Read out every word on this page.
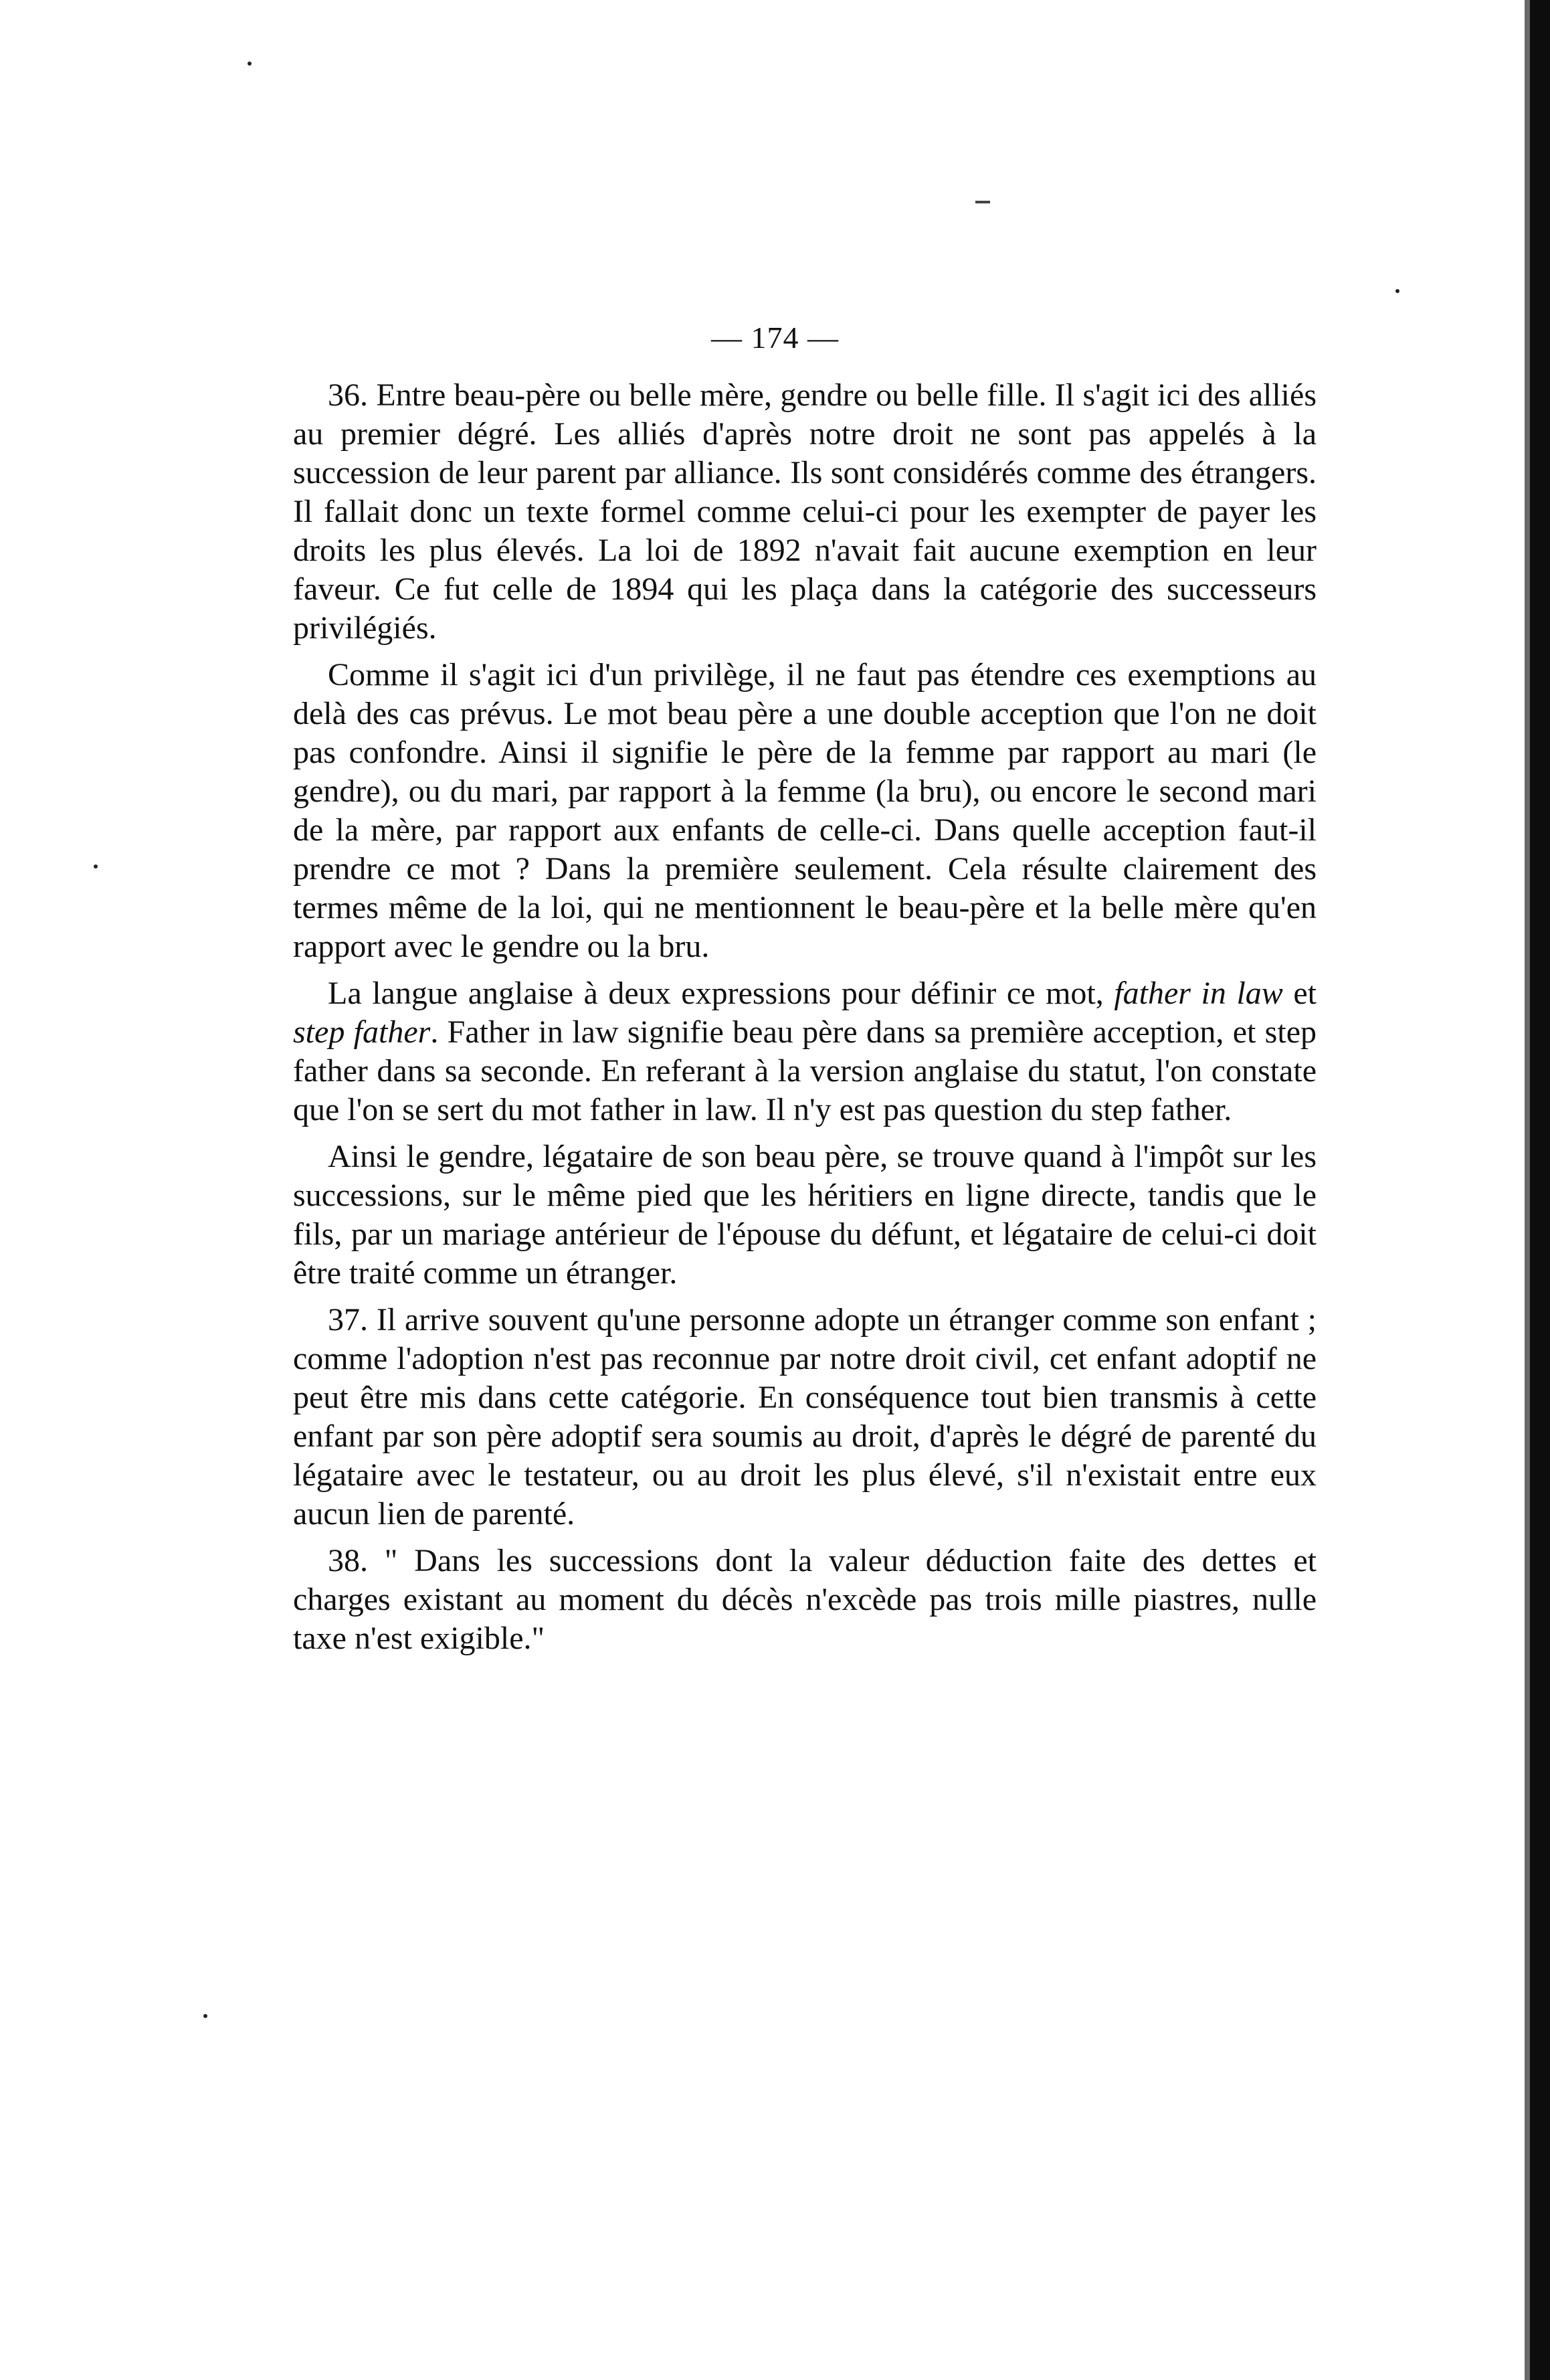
— 174 —

36. Entre beau-père ou belle mère, gendre ou belle fille. Il s'agit ici des alliés au premier dégré. Les alliés d'après notre droit ne sont pas appelés à la succession de leur parent par alliance. Ils sont considérés comme des étrangers. Il fallait donc un texte formel comme celui-ci pour les exempter de payer les droits les plus élevés. La loi de 1892 n'avait fait aucune exemption en leur faveur. Ce fut celle de 1894 qui les plaça dans la catégorie des successeurs privilégiés.

Comme il s'agit ici d'un privilège, il ne faut pas étendre ces exemptions au delà des cas prévus. Le mot beau père a une double acception que l'on ne doit pas confondre. Ainsi il signifie le père de la femme par rapport au mari (le gendre), ou du mari, par rapport à la femme (la bru), ou encore le second mari de la mère, par rapport aux enfants de celle-ci. Dans quelle acception faut-il prendre ce mot ? Dans la première seulement. Cela résulte clairement des termes même de la loi, qui ne mentionnent le beau-père et la belle mère qu'en rapport avec le gendre ou la bru.

La langue anglaise à deux expressions pour définir ce mot, father in law et step father. Father in law signifie beau père dans sa première acception, et step father dans sa seconde. En referant à la version anglaise du statut, l'on constate que l'on se sert du mot father in law. Il n'y est pas question du step father.

Ainsi le gendre, légataire de son beau père, se trouve quand à l'impôt sur les successions, sur le même pied que les héritiers en ligne directe, tandis que le fils, par un mariage antérieur de l'épouse du défunt, et légataire de celui-ci doit être traité comme un étranger.

37. Il arrive souvent qu'une personne adopte un étranger comme son enfant ; comme l'adoption n'est pas reconnue par notre droit civil, cet enfant adoptif ne peut être mis dans cette catégorie. En conséquence tout bien transmis à cette enfant par son père adoptif sera soumis au droit, d'après le dégré de parenté du légataire avec le testateur, ou au droit les plus élevé, s'il n'existait entre eux aucun lien de parenté.

38. " Dans les successions dont la valeur déduction faite des dettes et charges existant au moment du décès n'excède pas trois mille piastres, nulle taxe n'est exigible."
